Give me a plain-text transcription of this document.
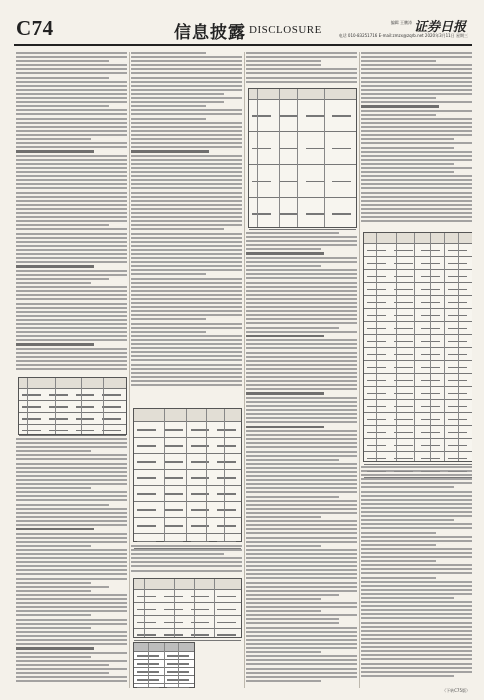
C74	信息披露 DISCLOSURE
编辑 王鹏涛 证券日报
电话 010-83251716 E-mail:zmzx@zqrb.net 2020年3月11日 星期三
（下转C75版）
